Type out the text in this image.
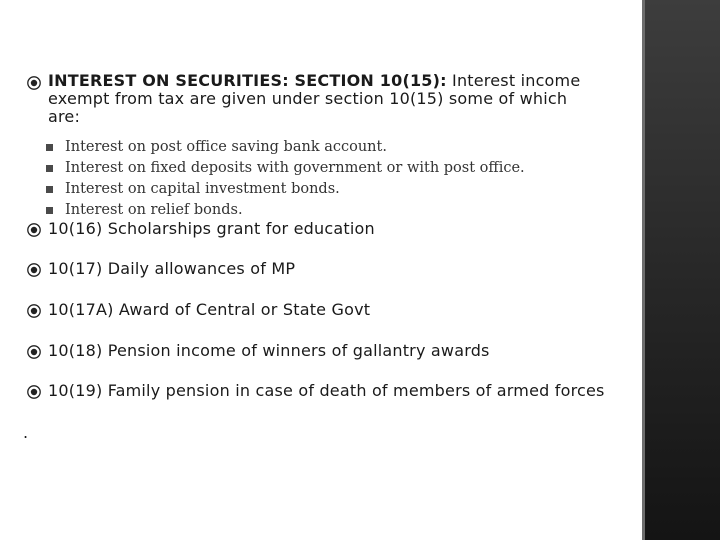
INTEREST ON SECURITIES: SECTION 10(15): Interest income
exempt from tax are given under section 10(15) some of which
are:
Interest on post office saving bank account.
Interest on fixed deposits with government or with post office.
Interest on capital investment bonds.
Interest on relief bonds.
10(16) Scholarships grant for education
10(17) Daily allowances of MP
10(17A) Award of Central or State Govt
10(18) Pension income of winners of gallantry awards
10(19) Family pension in case of death of members of armed forces
.
